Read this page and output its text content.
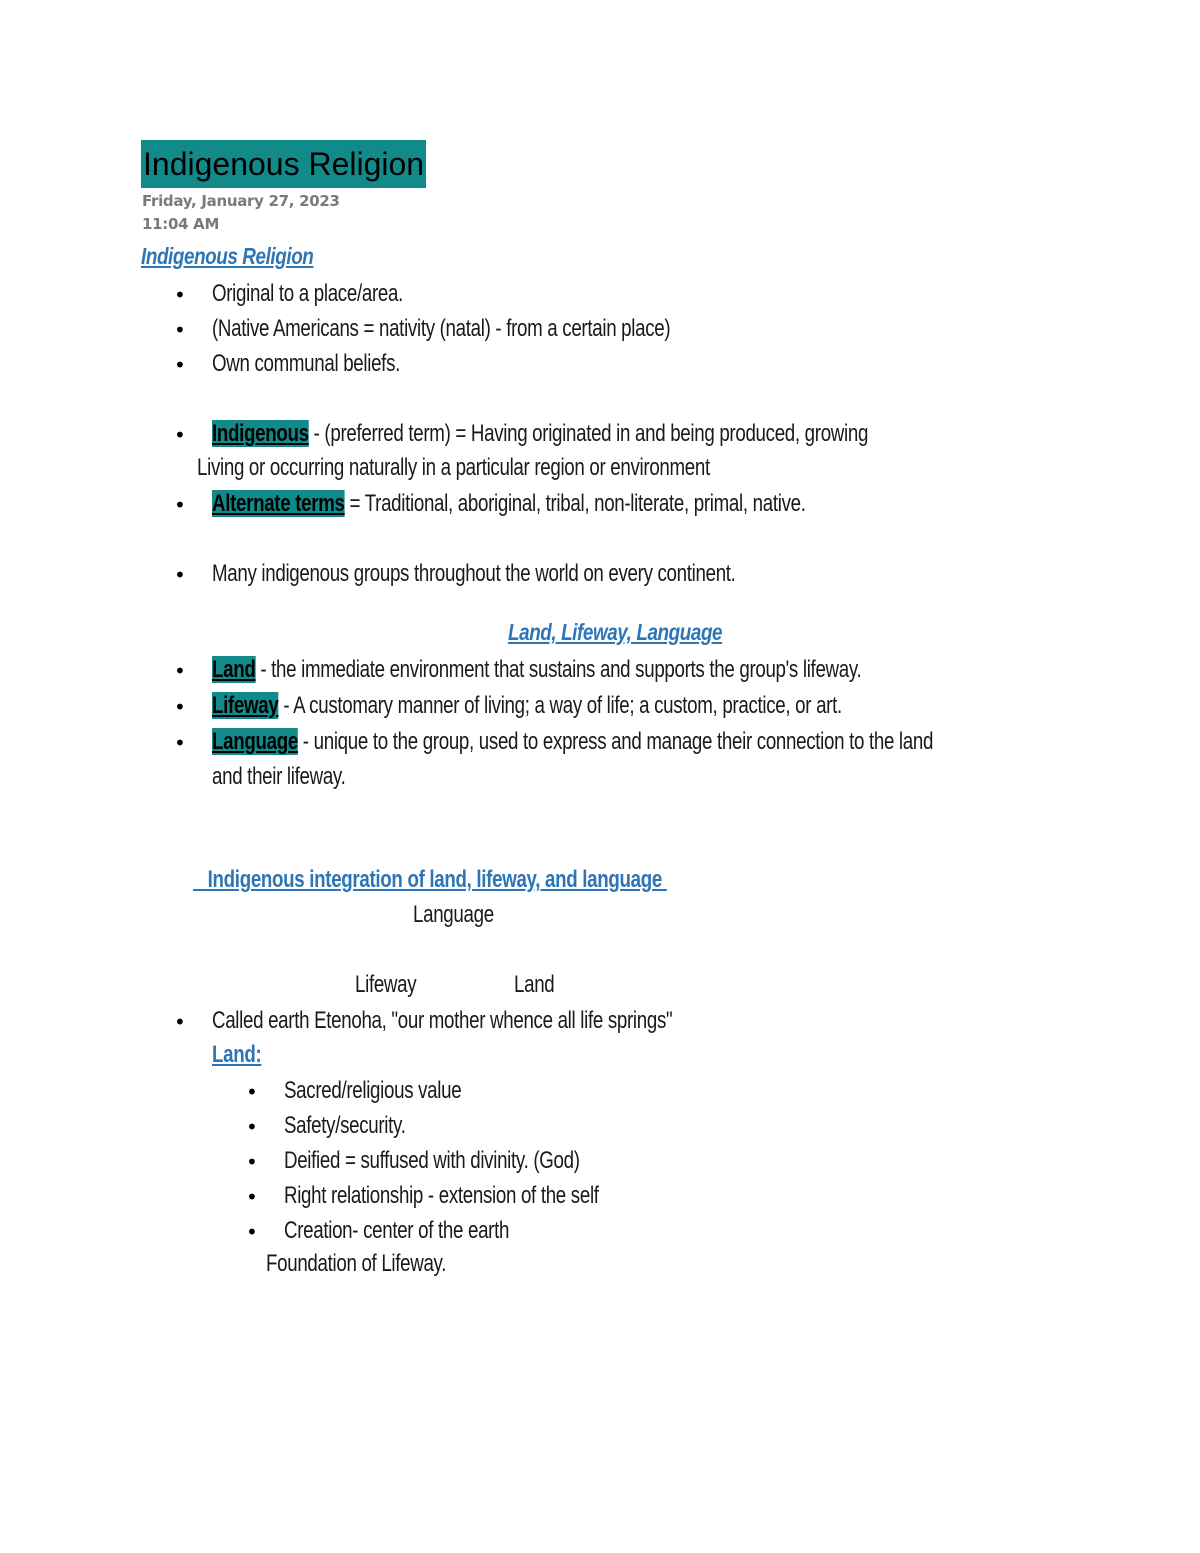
Indigenous Religion
Friday, January 27, 2023
11:04 AM
Indigenous Religion
• Original to a place/area.
• (Native Americans = nativity (natal) - from a certain place)
• Own communal beliefs.
• Indigenous - (preferred term) = Having originated in and being produced, growing
Living or occurring naturally in a particular region or environment
• Alternate terms = Traditional, aboriginal, tribal, non-literate, primal, native.
• Many indigenous groups throughout the world on every continent.
Land, Lifeway, Language
• Land - the immediate environment that sustains and supports the group's lifeway.
• Lifeway - A customary manner of living; a way of life; a custom, practice, or art.
• Language - unique to the group, used to express and manage their connection to the land
and their lifeway.
Indigenous integration of land, lifeway, and language
Language
Lifeway	Land
• Called earth Etenoha, "our mother whence all life springs"
Land:
• Sacred/religious value
• Safety/security.
• Deified = suffused with divinity. (God)
• Right relationship - extension of the self
• Creation- center of the earth
Foundation of Lifeway.
